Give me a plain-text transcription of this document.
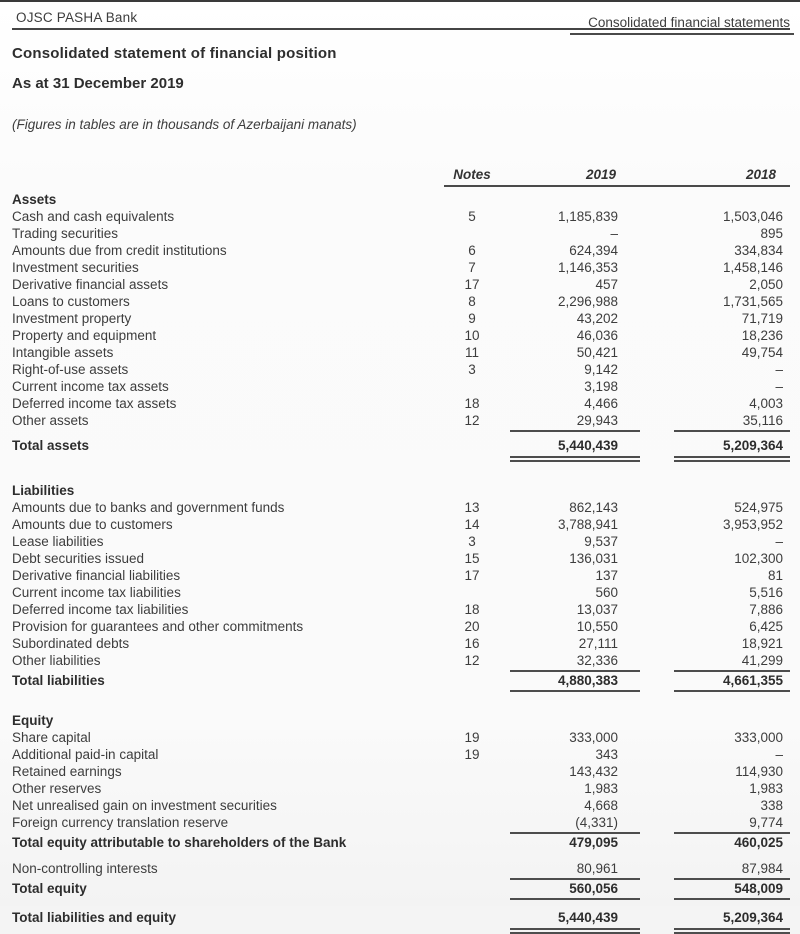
OJSC PASHA Bank	Consolidated financial statements
Consolidated statement of financial position
As at 31 December 2019
(Figures in tables are in thousands of Azerbaijani manats)
Notes	2019	2018
Assets
Cash and cash equivalents	5	1,185,839	1,503,046
Trading securities	–	895
Amounts due from credit institutions	6	624,394	334,834
Investment securities	7	1,146,353	1,458,146
Derivative financial assets	17	457	2,050
Loans to customers	8	2,296,988	1,731,565
Investment property	9	43,202	71,719
Property and equipment	10	46,036	18,236
Intangible assets	11	50,421	49,754
Right-of-use assets	3	9,142	–
Current income tax assets	3,198	–
Deferred income tax assets	18	4,466	4,003
Other assets	12	29,943	35,116
Total assets	5,440,439	5,209,364
Liabilities
Amounts due to banks and government funds	13	862,143	524,975
Amounts due to customers	14	3,788,941	3,953,952
Lease liabilities	3	9,537	–
Debt securities issued	15	136,031	102,300
Derivative financial liabilities	17	137	81
Current income tax liabilities	560	5,516
Deferred income tax liabilities	18	13,037	7,886
Provision for guarantees and other commitments	20	10,550	6,425
Subordinated debts	16	27,111	18,921
Other liabilities	12	32,336	41,299
Total liabilities	4,880,383	4,661,355
Equity
Share capital	19	333,000	333,000
Additional paid-in capital	19	343	–
Retained earnings	143,432	114,930
Other reserves	1,983	1,983
Net unrealised gain on investment securities	4,668	338
Foreign currency translation reserve	(4,331)	9,774
Total equity attributable to shareholders of the Bank	479,095	460,025
Non-controlling interests	80,961	87,984
Total equity	560,056	548,009
Total liabilities and equity	5,440,439	5,209,364
